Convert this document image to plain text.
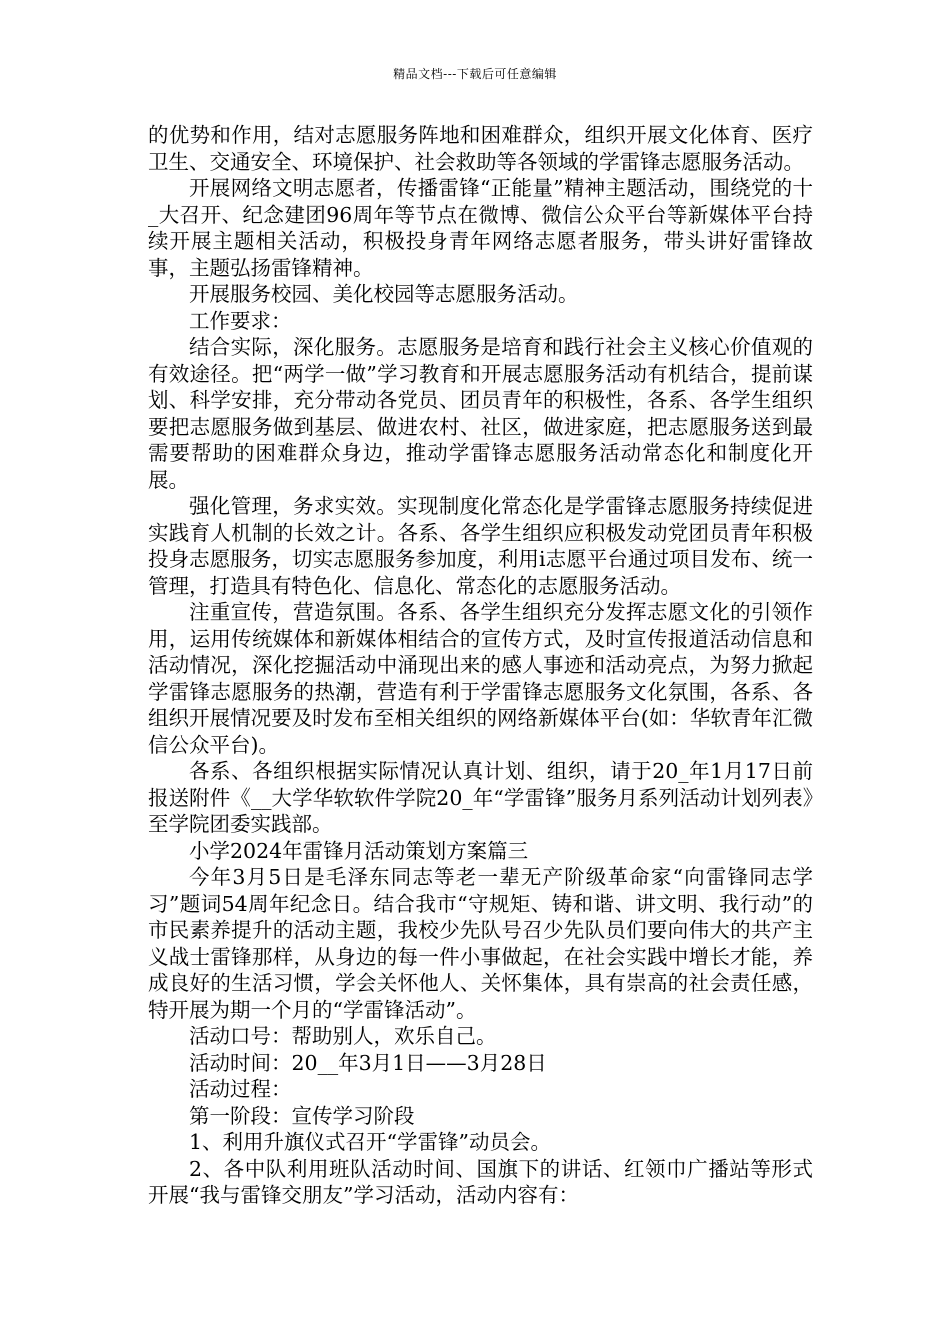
精品文档---下载后可任意编辑

的优势和作用，结对志愿服务阵地和困难群众，组织开展文化体育、医疗卫生、交通安全、环境保护、社会救助等各领域的学雷锋志愿服务活动。

开展网络文明志愿者，传播雷锋“正能量”精神主题活动，围绕党的十_大召开、纪念建团96周年等节点在微博、微信公众平台等新媒体平台持续开展主题相关活动，积极投身青年网络志愿者服务，带头讲好雷锋故事，主题弘扬雷锋精神。

开展服务校园、美化校园等志愿服务活动。

工作要求：

结合实际，深化服务。志愿服务是培育和践行社会主义核心价值观的有效途径。把“两学一做”学习教育和开展志愿服务活动有机结合，提前谋划、科学安排，充分带动各党员、团员青年的积极性，各系、各学生组织要把志愿服务做到基层、做进农村、社区，做进家庭，把志愿服务送到最需要帮助的困难群众身边，推动学雷锋志愿服务活动常态化和制度化开展。

强化管理，务求实效。实现制度化常态化是学雷锋志愿服务持续促进实践育人机制的长效之计。各系、各学生组织应积极发动党团员青年积极投身志愿服务，切实志愿服务参加度，利用i志愿平台通过项目发布、统一管理，打造具有特色化、信息化、常态化的志愿服务活动。

注重宣传，营造氛围。各系、各学生组织充分发挥志愿文化的引领作用，运用传统媒体和新媒体相结合的宣传方式，及时宣传报道活动信息和活动情况，深化挖掘活动中涌现出来的感人事迹和活动亮点，为努力掀起学雷锋志愿服务的热潮，营造有利于学雷锋志愿服务文化氛围，各系、各组织开展情况要及时发布至相关组织的网络新媒体平台(如：华软青年汇微信公众平台)。

各系、各组织根据实际情况认真计划、组织，请于20_年1月17日前报送附件《__大学华软软件学院20_年“学雷锋”服务月系列活动计划列表》至学院团委实践部。

小学2024年雷锋月活动策划方案篇三

今年3月5日是毛泽东同志等老一辈无产阶级革命家“向雷锋同志学习”题词54周年纪念日。结合我市“守规矩、铸和谐、讲文明、我行动”的市民素养提升的活动主题，我校少先队号召少先队员们要向伟大的共产主义战士雷锋那样，从身边的每一件小事做起，在社会实践中增长才能，养成良好的生活习惯，学会关怀他人、关怀集体，具有崇高的社会责任感，特开展为期一个月的“学雷锋活动”。

活动口号：帮助别人，欢乐自己。

活动时间：20__年3月1日——3月28日

活动过程：

第一阶段：宣传学习阶段

1、利用升旗仪式召开“学雷锋”动员会。

2、各中队利用班队活动时间、国旗下的讲话、红领巾广播站等形式开展“我与雷锋交朋友”学习活动，活动内容有：
